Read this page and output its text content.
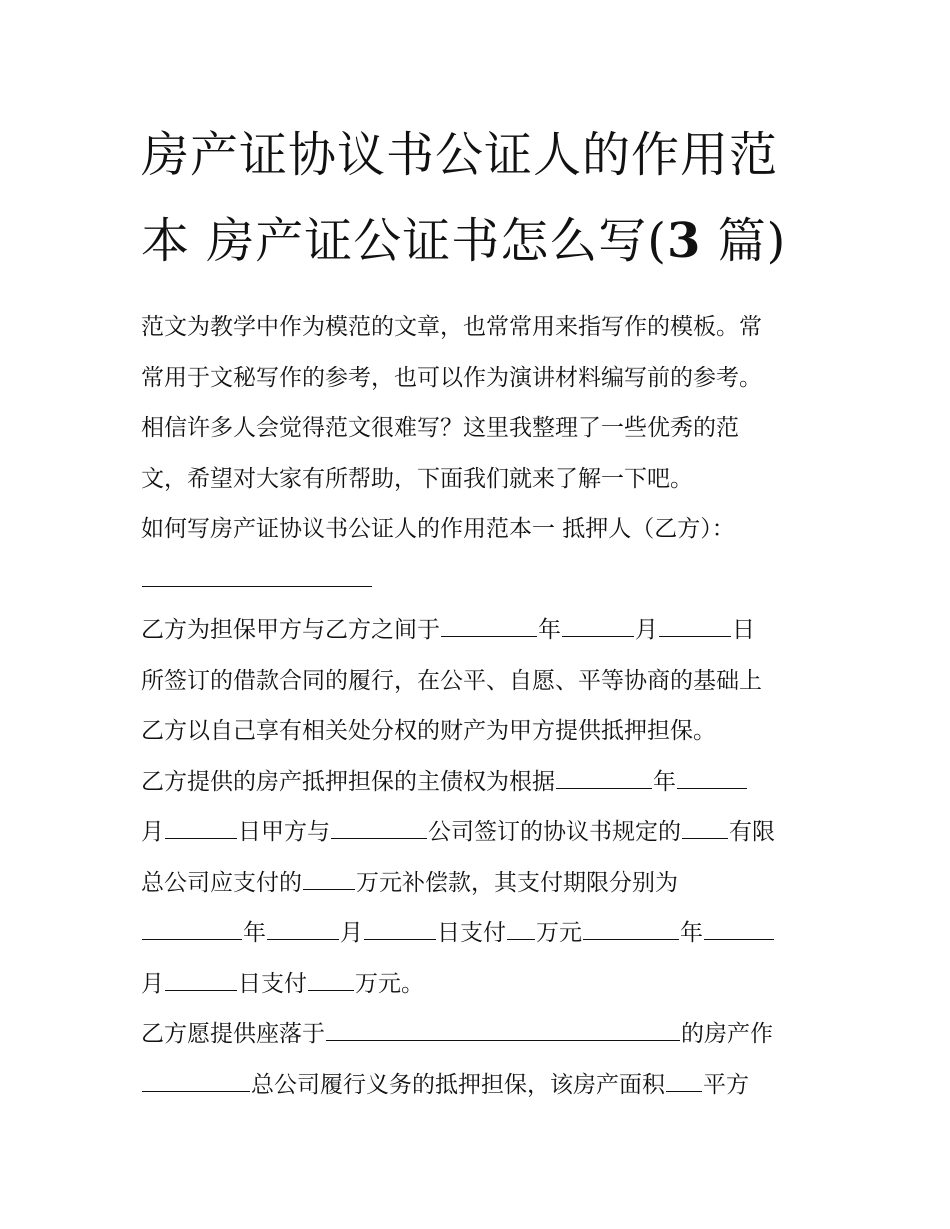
房产证协议书公证人的作用范
本 房产证公证书怎么写(3 篇)
范文为教学中作为模范的文章，也常常用来指写作的模板。常
常用于文秘写作的参考，也可以作为演讲材料编写前的参考。
相信许多人会觉得范文很难写？这里我整理了一些优秀的范
文，希望对大家有所帮助，下面我们就来了解一下吧。
如何写房产证协议书公证人的作用范本一 抵押人（乙方）：
乙方为担保甲方与乙方之间于	年	月	日
所签订的借款合同的履行，在公平、自愿、平等协商的基础上
乙方以自己享有相关处分权的财产为甲方提供抵押担保。
乙方提供的房产抵押担保的主债权为根据	年
月	日甲方与	公司签订的协议书规定的 有限
总公司应支付的 万元补偿款，其支付期限分别为
年	月	日支付 万元	年
月	日支付 万元。
乙方愿提供座落于	的房产作
总公司履行义务的抵押担保，该房产面积 平方
